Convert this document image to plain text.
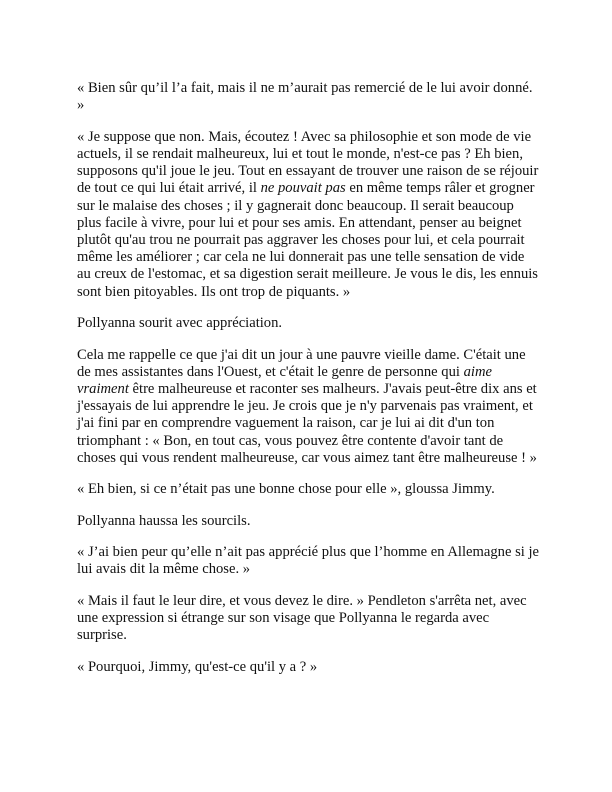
« Bien sûr qu’il l’a fait, mais il ne m’aurait pas remercié de le lui avoir donné. »

« Je suppose que non. Mais, écoutez ! Avec sa philosophie et son mode de vie actuels, il se rendait malheureux, lui et tout le monde, n'est-ce pas ? Eh bien, supposons qu'il joue le jeu. Tout en essayant de trouver une raison de se réjouir de tout ce qui lui était arrivé, il ne pouvait pas en même temps râler et grogner sur le malaise des choses ; il y gagnerait donc beaucoup. Il serait beaucoup plus facile à vivre, pour lui et pour ses amis. En attendant, penser au beignet plutôt qu'au trou ne pourrait pas aggraver les choses pour lui, et cela pourrait même les améliorer ; car cela ne lui donnerait pas une telle sensation de vide au creux de l'estomac, et sa digestion serait meilleure. Je vous le dis, les ennuis sont bien pitoyables. Ils ont trop de piquants. »

Pollyanna sourit avec appréciation.

Cela me rappelle ce que j'ai dit un jour à une pauvre vieille dame. C'était une de mes assistantes dans l'Ouest, et c'était le genre de personne qui aime vraiment être malheureuse et raconter ses malheurs. J'avais peut-être dix ans et j'essayais de lui apprendre le jeu. Je crois que je n'y parvenais pas vraiment, et j'ai fini par en comprendre vaguement la raison, car je lui ai dit d'un ton triomphant : « Bon, en tout cas, vous pouvez être contente d'avoir tant de choses qui vous rendent malheureuse, car vous aimez tant être malheureuse ! »

« Eh bien, si ce n’était pas une bonne chose pour elle », gloussa Jimmy.

Pollyanna haussa les sourcils.

« J’ai bien peur qu’elle n’ait pas apprécié plus que l’homme en Allemagne si je lui avais dit la même chose. »

« Mais il faut le leur dire, et vous devez le dire. » Pendleton s'arrêta net, avec une expression si étrange sur son visage que Pollyanna le regarda avec surprise.

« Pourquoi, Jimmy, qu'est-ce qu'il y a ? »
